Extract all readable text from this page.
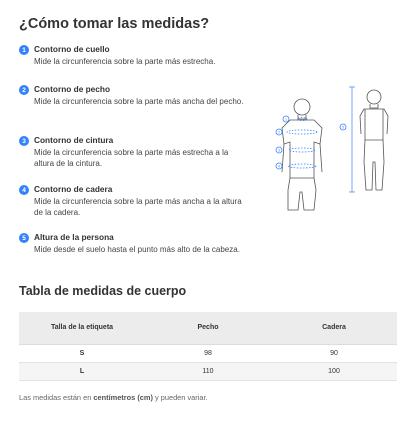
¿Cómo tomar las medidas?
1 Contorno de cuello
Mide la circunferencia sobre la parte más estrecha.
2 Contorno de pecho
Mide la circunferencia sobre la parte más ancha del pecho.
3 Contorno de cintura
Mide la circunferencia sobre la parte más estrecha a la altura de la cintura.
4 Contorno de cadera
Mide la circunferencia sobre la parte más ancha a la altura de la cadera.
5 Altura de la persona
Mide desde el suelo hasta el punto más alto de la cabeza.
1
2
3
4
5
Tabla de medidas de cuerpo
Talla de la etiqueta	Pecho	Cadera
S	98	90
L	110	100
Las medidas están en centímetros (cm) y pueden variar.
